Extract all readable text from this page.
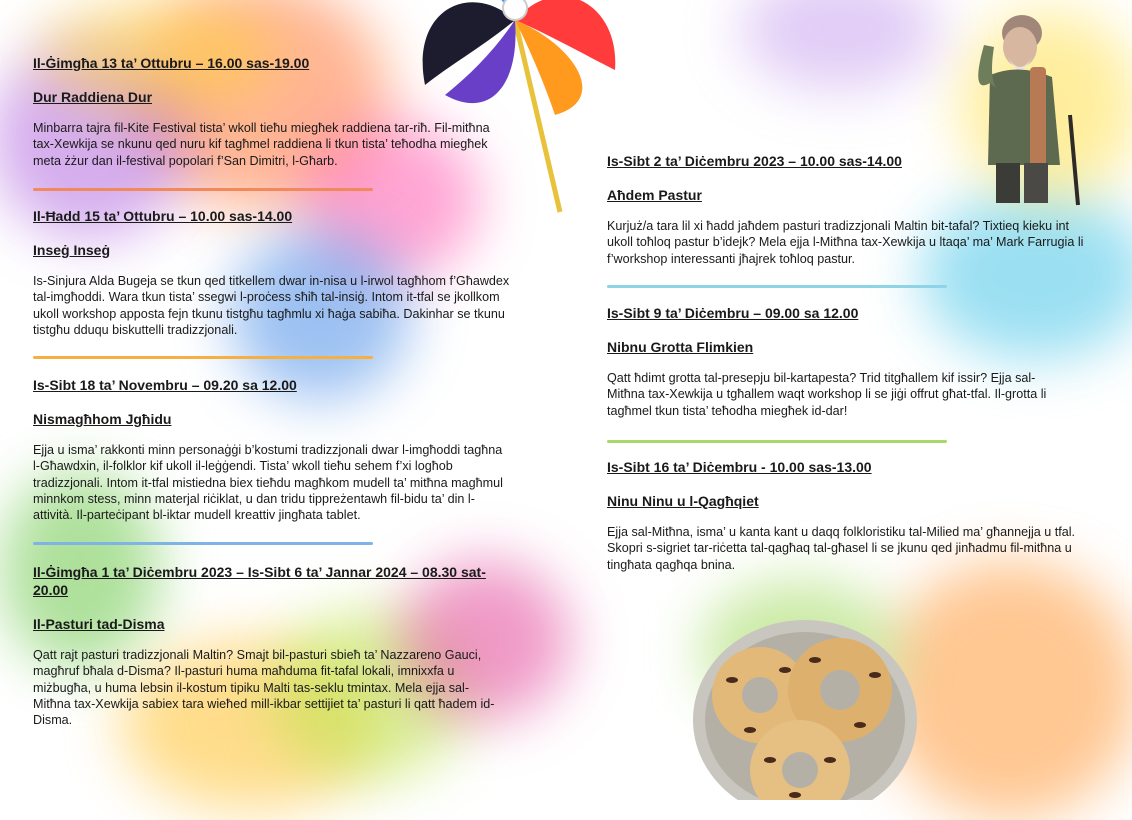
Il-Ġimgħa 13 ta’ Ottubru – 16.00 sas-19.00

Dur Raddiena Dur

Minbarra tajra fil-Kite Festival tista’ wkoll tieħu miegħek raddiena tar-riħ. Fil-mitħna tax-Xewkija se nkunu qed nuru kif tagħmel raddiena li tkun tista’ teħodha miegħek meta żżur dan il-festival popolari f’San Dimitri, l-Għarb.

Il-Ħadd 15 ta’ Ottubru – 10.00 sas-14.00

Inseġ Inseġ

Is-Sinjura Alda Bugeja se tkun qed titkellem dwar in-nisa u l-irwol tagħhom f’Għawdex tal-imgħoddi. Wara tkun tista’ ssegwi l-proċess sħiħ tal-insiġ. Intom it-tfal se jkollkom ukoll workshop apposta fejn tkunu tistgħu tagħmlu xi ħaġa sabiħa. Dakinhar se tkunu tistgħu dduqu biskuttelli tradizzjonali.

Is-Sibt 18 ta’ Novembru – 09.20 sa 12.00

Nismagħhom Jgħidu

Ejja u isma’ rakkonti minn personaġġi b’kostumi tradizzjonali dwar l-imgħoddi tagħna l-Għawdxin, il-folklor kif ukoll il-leġġendi. Tista’ wkoll tieħu sehem f’xi logħob tradizzjonali. Intom it-tfal mistiedna biex tieħdu magħkom mudell ta’ mitħna magħmul minnkom stess, minn materjal riċiklat, u dan tridu tippreżentawh fil-bidu ta’ din l-attività. Il-parteċipant bl-iktar mudell kreattiv jingħata tablet.

Il-Ġimgħa 1 ta’ Diċembru 2023 – Is-Sibt 6 ta’ Jannar 2024 – 08.30 sat-20.00

Il-Pasturi tad-Disma

Qatt rajt pasturi tradizzjonali Maltin? Smajt bil-pasturi sbieħ ta’ Nazzareno Gauci, magħruf bħala d-Disma? Il-pasturi huma maħduma fit-tafal lokali, imnixxfa u miżbugħa, u huma lebsin il-kostum tipiku Malti tas-seklu tmintax. Mela ejja sal-Mitħna tax-Xewkija sabiex tara wieħed mill-ikbar settijiet ta’ pasturi li qatt ħadem id-Disma.

Is-Sibt 2 ta’ Diċembru 2023 – 10.00 sas-14.00

Aħdem Pastur

Kurjuż/a tara lil xi ħadd jaħdem pasturi tradizzjonali Maltin bit-tafal? Tixtieq kieku int ukoll toħloq pastur b’idejk? Mela ejja l-Mitħna tax-Xewkija u ltaqa’ ma’ Mark Farrugia li f’workshop interessanti jħajrek toħloq pastur.

Is-Sibt 9 ta’ Diċembru – 09.00 sa 12.00

Nibnu Grotta Flimkien

Qatt ħdimt grotta tal-presepju bil-kartapesta? Trid titgħallem kif issir? Ejja sal-Mitħna tax-Xewkija u tgħallem waqt workshop li se jiġi offrut għat-tfal. Il-grotta li tagħmel tkun tista’ teħodha miegħek id-dar!

Is-Sibt 16 ta’ Diċembru - 10.00 sas-13.00

Ninu Ninu u l-Qagħqiet

Ejja sal-Mitħna, isma’ u kanta kant u daqq folkloristiku tal-Milied ma’ għannejja u tfal. Skopri s-sigriet tar-riċetta tal-qagħaq tal-għasel li se jkunu qed jinħadmu fil-mitħna u tingħata qagħqa bnina.
